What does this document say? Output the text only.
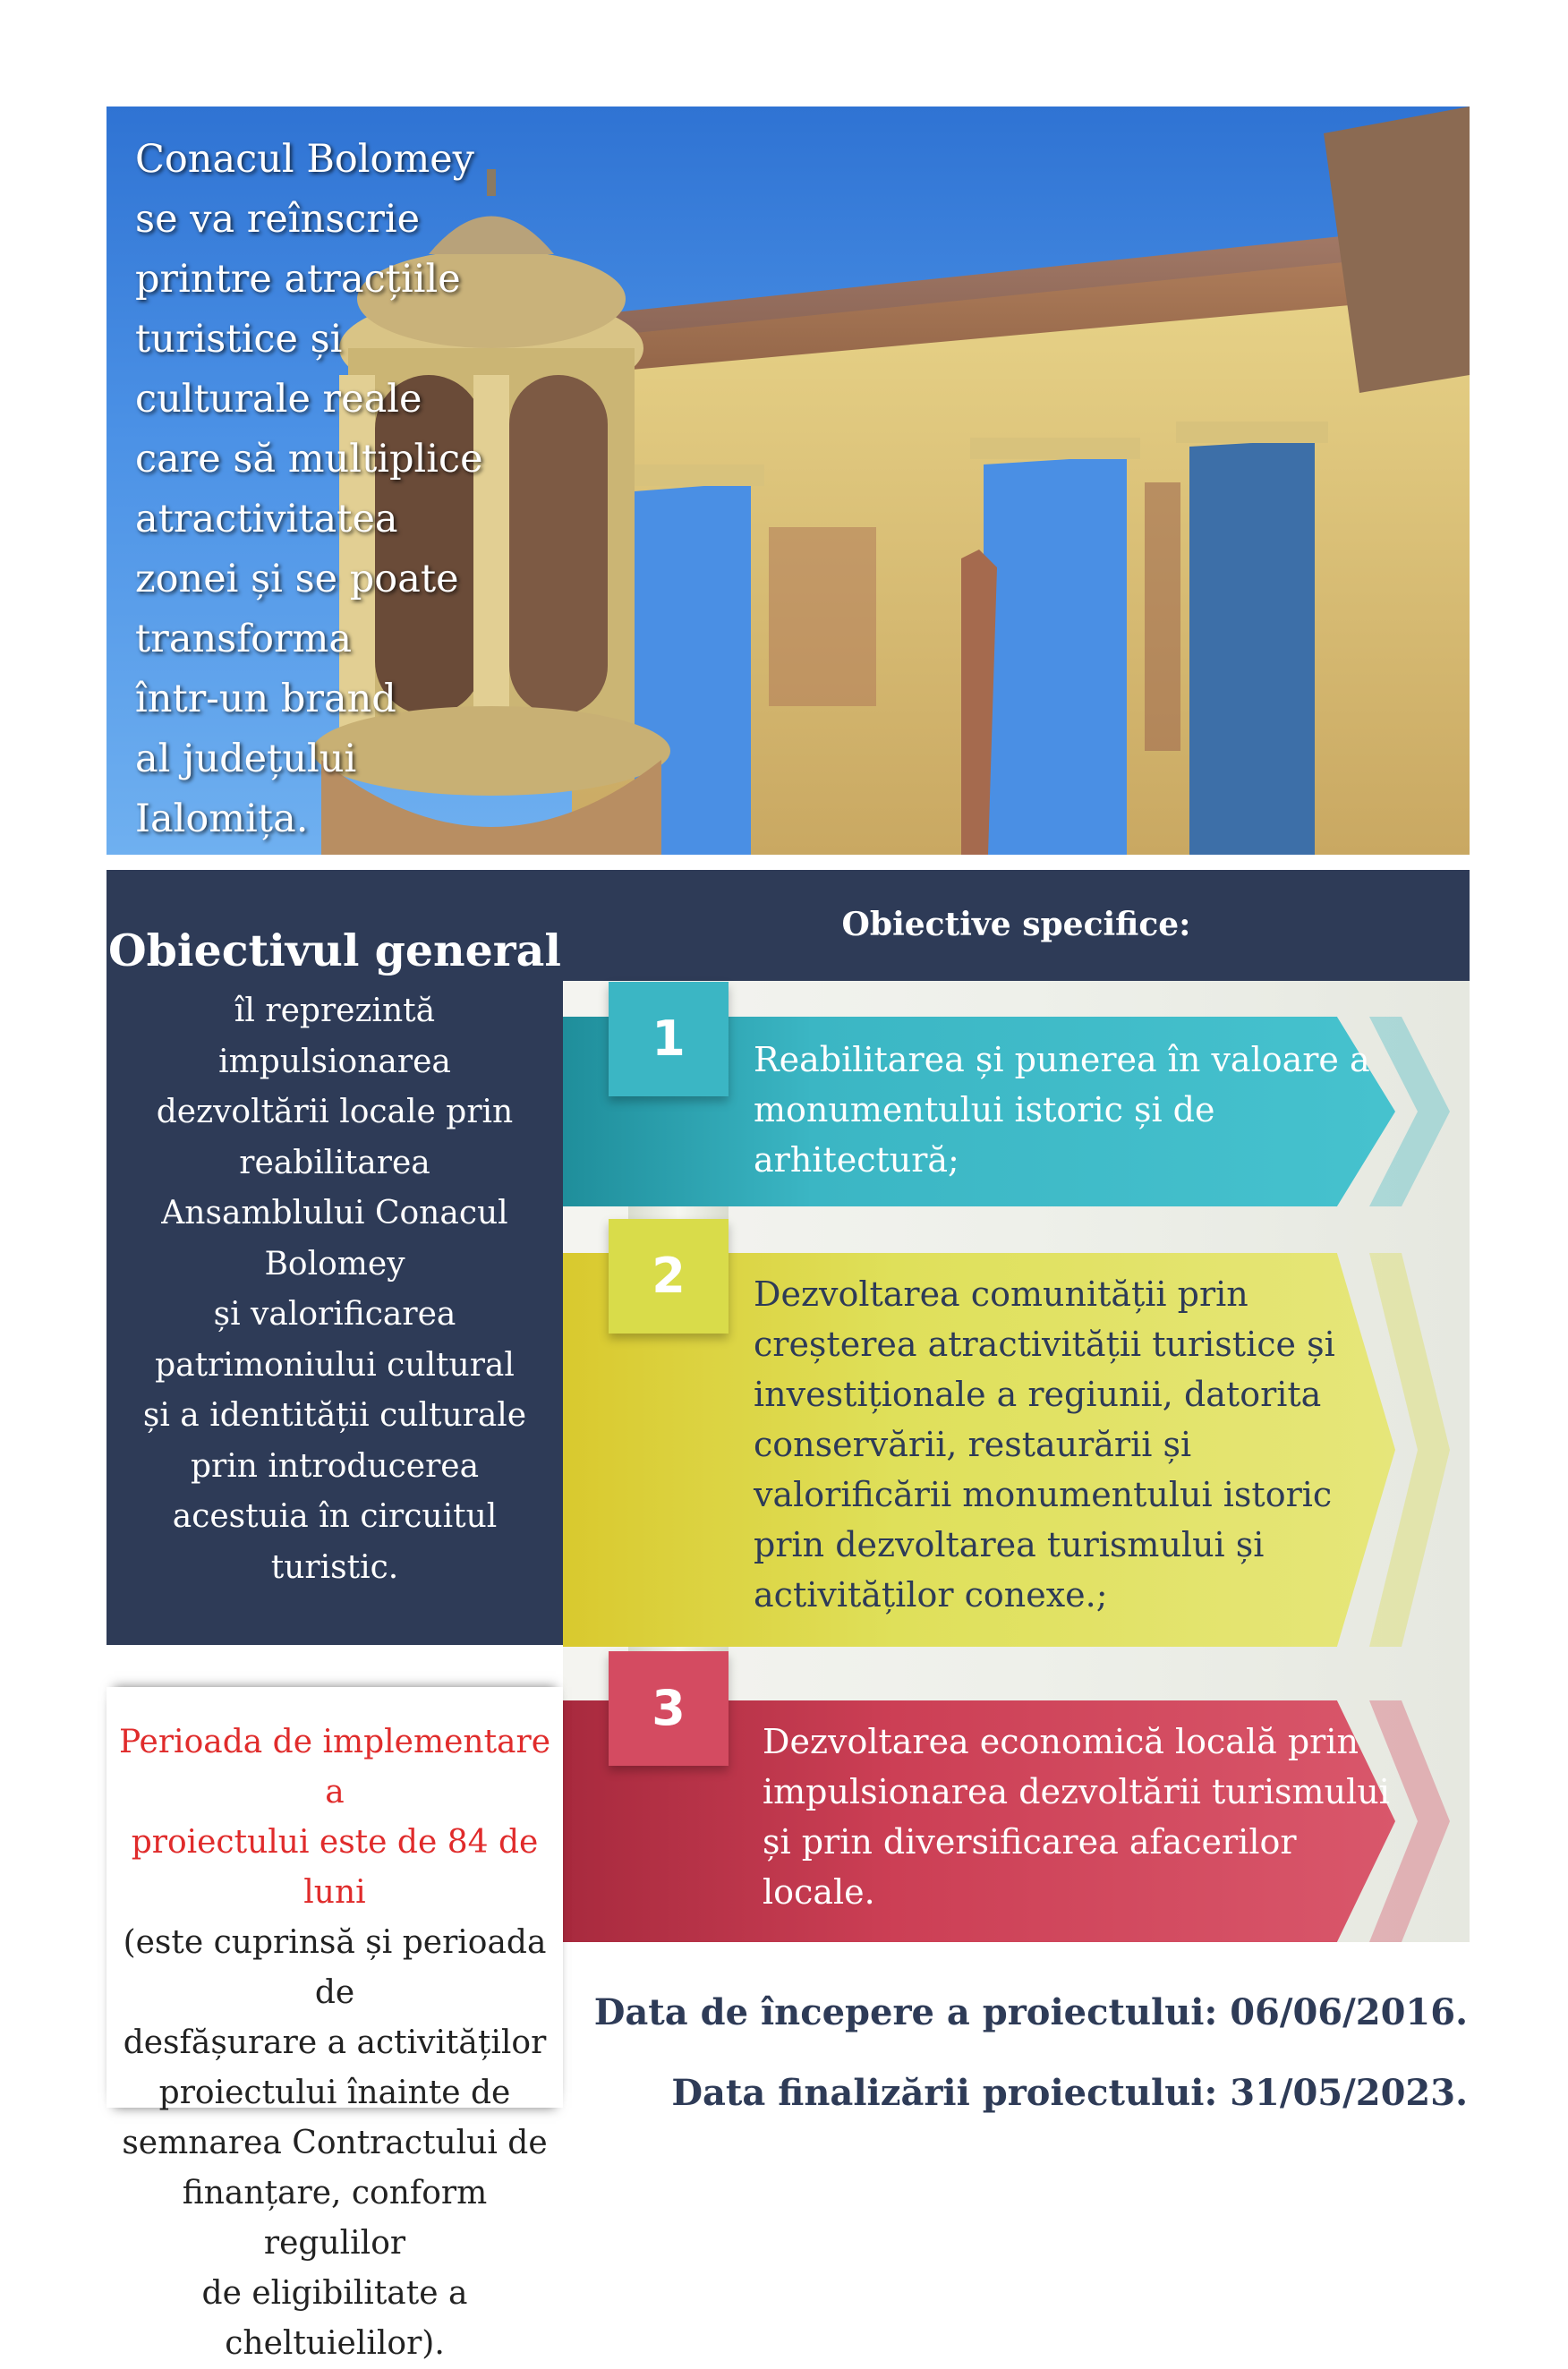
Conacul Bolomey
se va reînscrie
printre atracțiile
turistice și
culturale reale
care să multiplice
atractivitatea
zonei și se poate
transforma
într-un brand
al județului
Ialomița.

Obiectivul general

îl reprezintă
impulsionarea
dezvoltării locale prin
reabilitarea
Ansamblului Conacul
Bolomey
și valorificarea
patrimoniului cultural
și a identității culturale
prin introducerea
acestuia în circuitul
turistic.

Obiective specifice:
1	Reabilitarea și punerea în valoare a
monumentului istoric și de
arhitectură;

2	Dezvoltarea comunității prin
creșterea atractivității turistice și
investiționale a regiunii, datorita
conservării, restaurării și
valorificării monumentului istoric
prin dezvoltarea turismului și
activităților conexe.;

3

Dezvoltarea economică locală prin
impulsionarea dezvoltării turismului
și prin diversificarea afacerilor
locale.

Perioada de implementare a
proiectului este de 84 de luni

(este cuprinsă și perioada de
desfășurare a activităților
proiectului înainte de
semnarea Contractului de
finanțare, conform regulilor
de eligibilitate a cheltuielilor).

Data de începere a proiectului: 06/06/2016.

Data finalizării proiectului: 31/05/2023.
